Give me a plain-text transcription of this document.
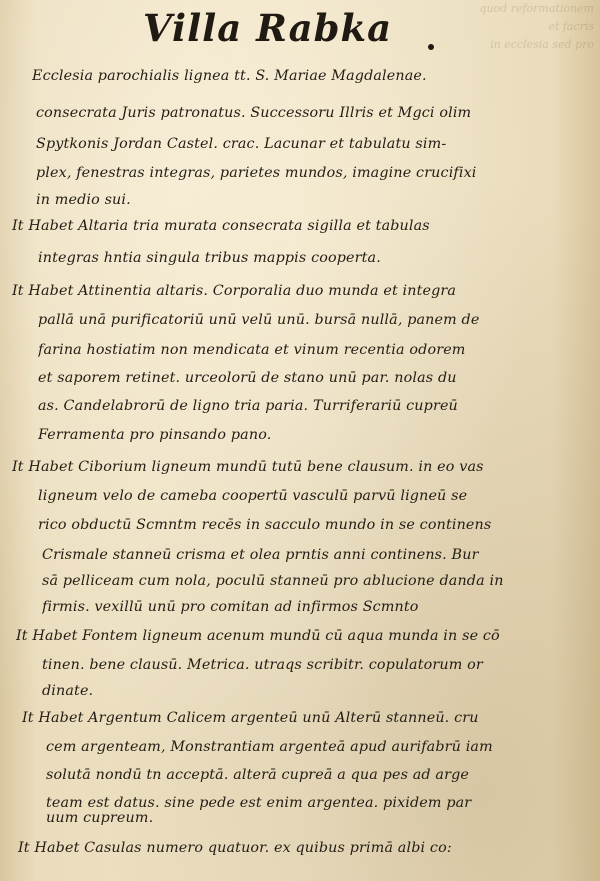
quod reformationem
et facris
in ecclesia sed pro
Villa Rabka
Ecclesia parochialis lignea tt. S. Mariae Magdalenae.
consecrata Juris patronatus. Successoru Illris et Mgci olim
Spytkonis Jordan Castel. crac. Lacunar et tabulatu sim-
plex, fenestras integras, parietes mundos, imagine crucifixi
in medio sui.
It Habet Altaria tria murata consecrata sigilla et tabulas
integras hntia singula tribus mappis cooperta.
It Habet Attinentia altaris. Corporalia duo munda et integra
pallā unā purificatoriū unū velū unū. bursā nullā, panem de
farina hostiatim non mendicata et vinum recentia odorem
et saporem retinet. urceolorū de stano unū par. nolas du
as. Candelabrorū de ligno tria paria. Turriferariū cupreū
Ferramenta pro pinsando pano.
It Habet Ciborium ligneum mundū tutū bene clausum. in eo vas
ligneum velo de cameba coopertū vasculū parvū ligneū se
rico obductū Scmntm recēs in sacculo mundo in se continens
Crismale stanneū crisma et olea prntis anni continens. Bur
sā pelliceam cum nola, poculū stanneū pro ablucione danda in
firmis. vexillū unū pro comitan ad infirmos Scmnto
It Habet Fontem ligneum acenum mundū cū aqua munda in se cō
tinen. bene clausū. Metrica. utraqs scribitr. copulatorum or
dinate.
It Habet Argentum Calicem argenteū unū Alterū stanneū. cru
cem argenteam, Monstrantiam argenteā apud aurifabrū iam
solutā nondū tn acceptā. alterā cupreā a qua pes ad arge
team est datus. sine pede est enim argentea. pixidem par
uum cupreum.
It Habet Casulas numero quatuor. ex quibus primā albi co:
